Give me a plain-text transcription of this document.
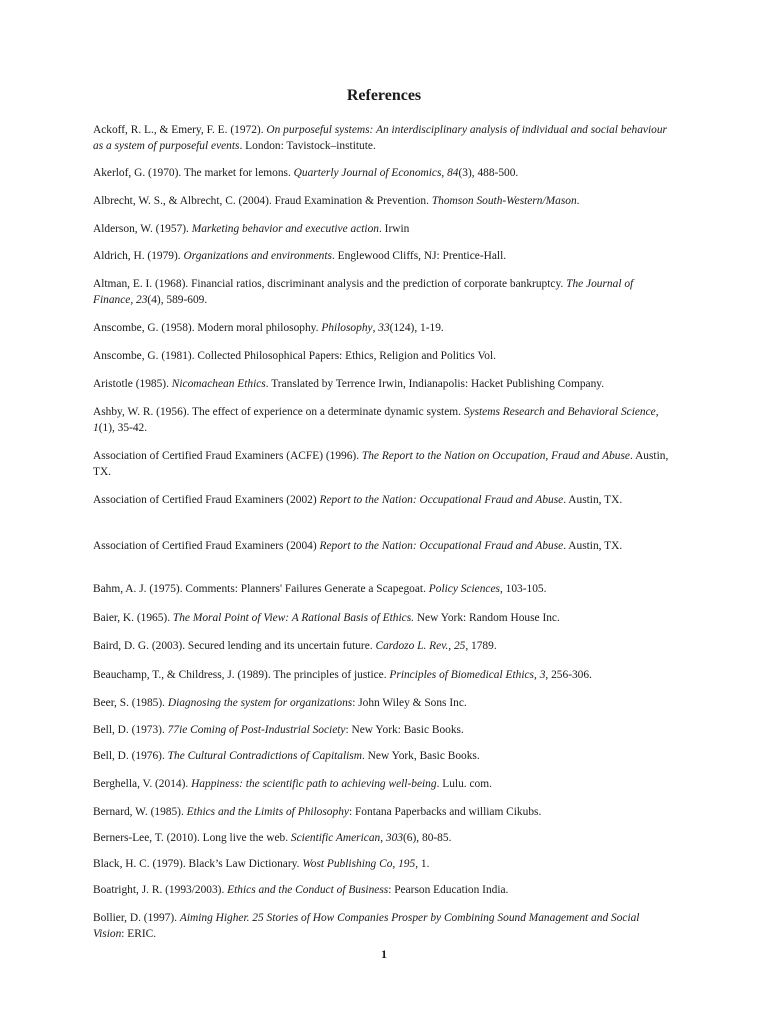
References

Ackoff, R. L., & Emery, F. E. (1972). On purposeful systems: An interdisciplinary analysis of individual and social behaviour as a system of purposeful events. London: Tavistock–institute.

Akerlof, G. (1970). The market for lemons. Quarterly Journal of Economics, 84(3), 488-500.

Albrecht, W. S., & Albrecht, C. (2004). Fraud Examination & Prevention. Thomson South-Western/Mason.

Alderson, W. (1957). Marketing behavior and executive action. Irwin

Aldrich, H. (1979). Organizations and environments. Englewood Cliffs, NJ: Prentice-Hall.

Altman, E. I. (1968). Financial ratios, discriminant analysis and the prediction of corporate bankruptcy. The Journal of Finance, 23(4), 589-609.

Anscombe, G. (1958). Modern moral philosophy. Philosophy, 33(124), 1-19.

Anscombe, G. (1981). Collected Philosophical Papers: Ethics, Religion and Politics Vol.

Aristotle (1985). Nicomachean Ethics. Translated by Terrence Irwin, Indianapolis: Hacket Publishing Company.

Ashby, W. R. (1956). The effect of experience on a determinate dynamic system. Systems Research and Behavioral Science, 1(1), 35-42.

Association of Certified Fraud Examiners (ACFE) (1996). The Report to the Nation on Occupation, Fraud and Abuse. Austin, TX.

Association of Certified Fraud Examiners (2002) Report to the Nation: Occupational Fraud and Abuse. Austin, TX.

Association of Certified Fraud Examiners (2004) Report to the Nation: Occupational Fraud and Abuse. Austin, TX.

Bahm, A. J. (1975). Comments: Planners' Failures Generate a Scapegoat. Policy Sciences, 103-105.

Baier, K. (1965). The Moral Point of View: A Rational Basis of Ethics. New York: Random House Inc.

Baird, D. G. (2003). Secured lending and its uncertain future. Cardozo L. Rev., 25, 1789.

Beauchamp, T., & Childress, J. (1989). The principles of justice. Principles of Biomedical Ethics, 3, 256-306.

Beer, S. (1985). Diagnosing the system for organizations: John Wiley & Sons Inc.

Bell, D. (1973). 77ie Coming of Post-Industrial Society: New York: Basic Books.

Bell, D. (1976). The Cultural Contradictions of Capitalism. New York, Basic Books.

Berghella, V. (2014). Happiness: the scientific path to achieving well-being. Lulu. com.

Bernard, W. (1985). Ethics and the Limits of Philosophy: Fontana Paperbacks and william Cikubs.

Berners-Lee, T. (2010). Long live the web. Scientific American, 303(6), 80-85.

Black, H. C. (1979). Black’s Law Dictionary. Wost Publishing Co, 195, 1.

Boatright, J. R. (1993/2003). Ethics and the Conduct of Business: Pearson Education India.

Bollier, D. (1997). Aiming Higher. 25 Stories of How Companies Prosper by Combining Sound Management and Social Vision: ERIC.

1
